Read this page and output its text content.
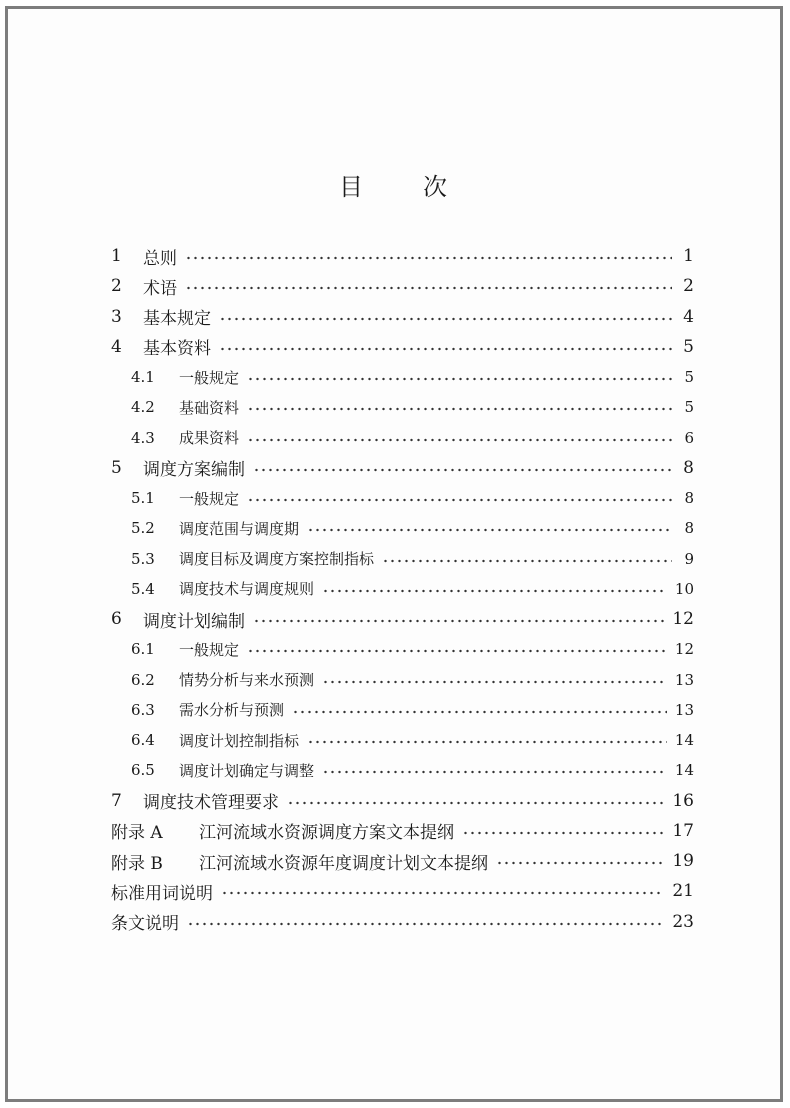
目 次
1	总则	1
2	术语	2
3	基本规定	4
4	基本资料	5
4.1	一般规定	5
4.2	基础资料	5
4.3	成果资料	6
5	调度方案编制	8
5.1	一般规定	8
5.2	调度范围与调度期	8
5.3	调度目标及调度方案控制指标	9
5.4	调度技术与调度规则	10
6	调度计划编制	12
6.1	一般规定	12
6.2	情势分析与来水预测	13
6.3	需水分析与预测	13
6.4	调度计划控制指标	14
6.5	调度计划确定与调整	14
7	调度技术管理要求	16
附录 A	江河流域水资源调度方案文本提纲	17
附录 B	江河流域水资源年度调度计划文本提纲	19
标准用词说明	21
条文说明	23
